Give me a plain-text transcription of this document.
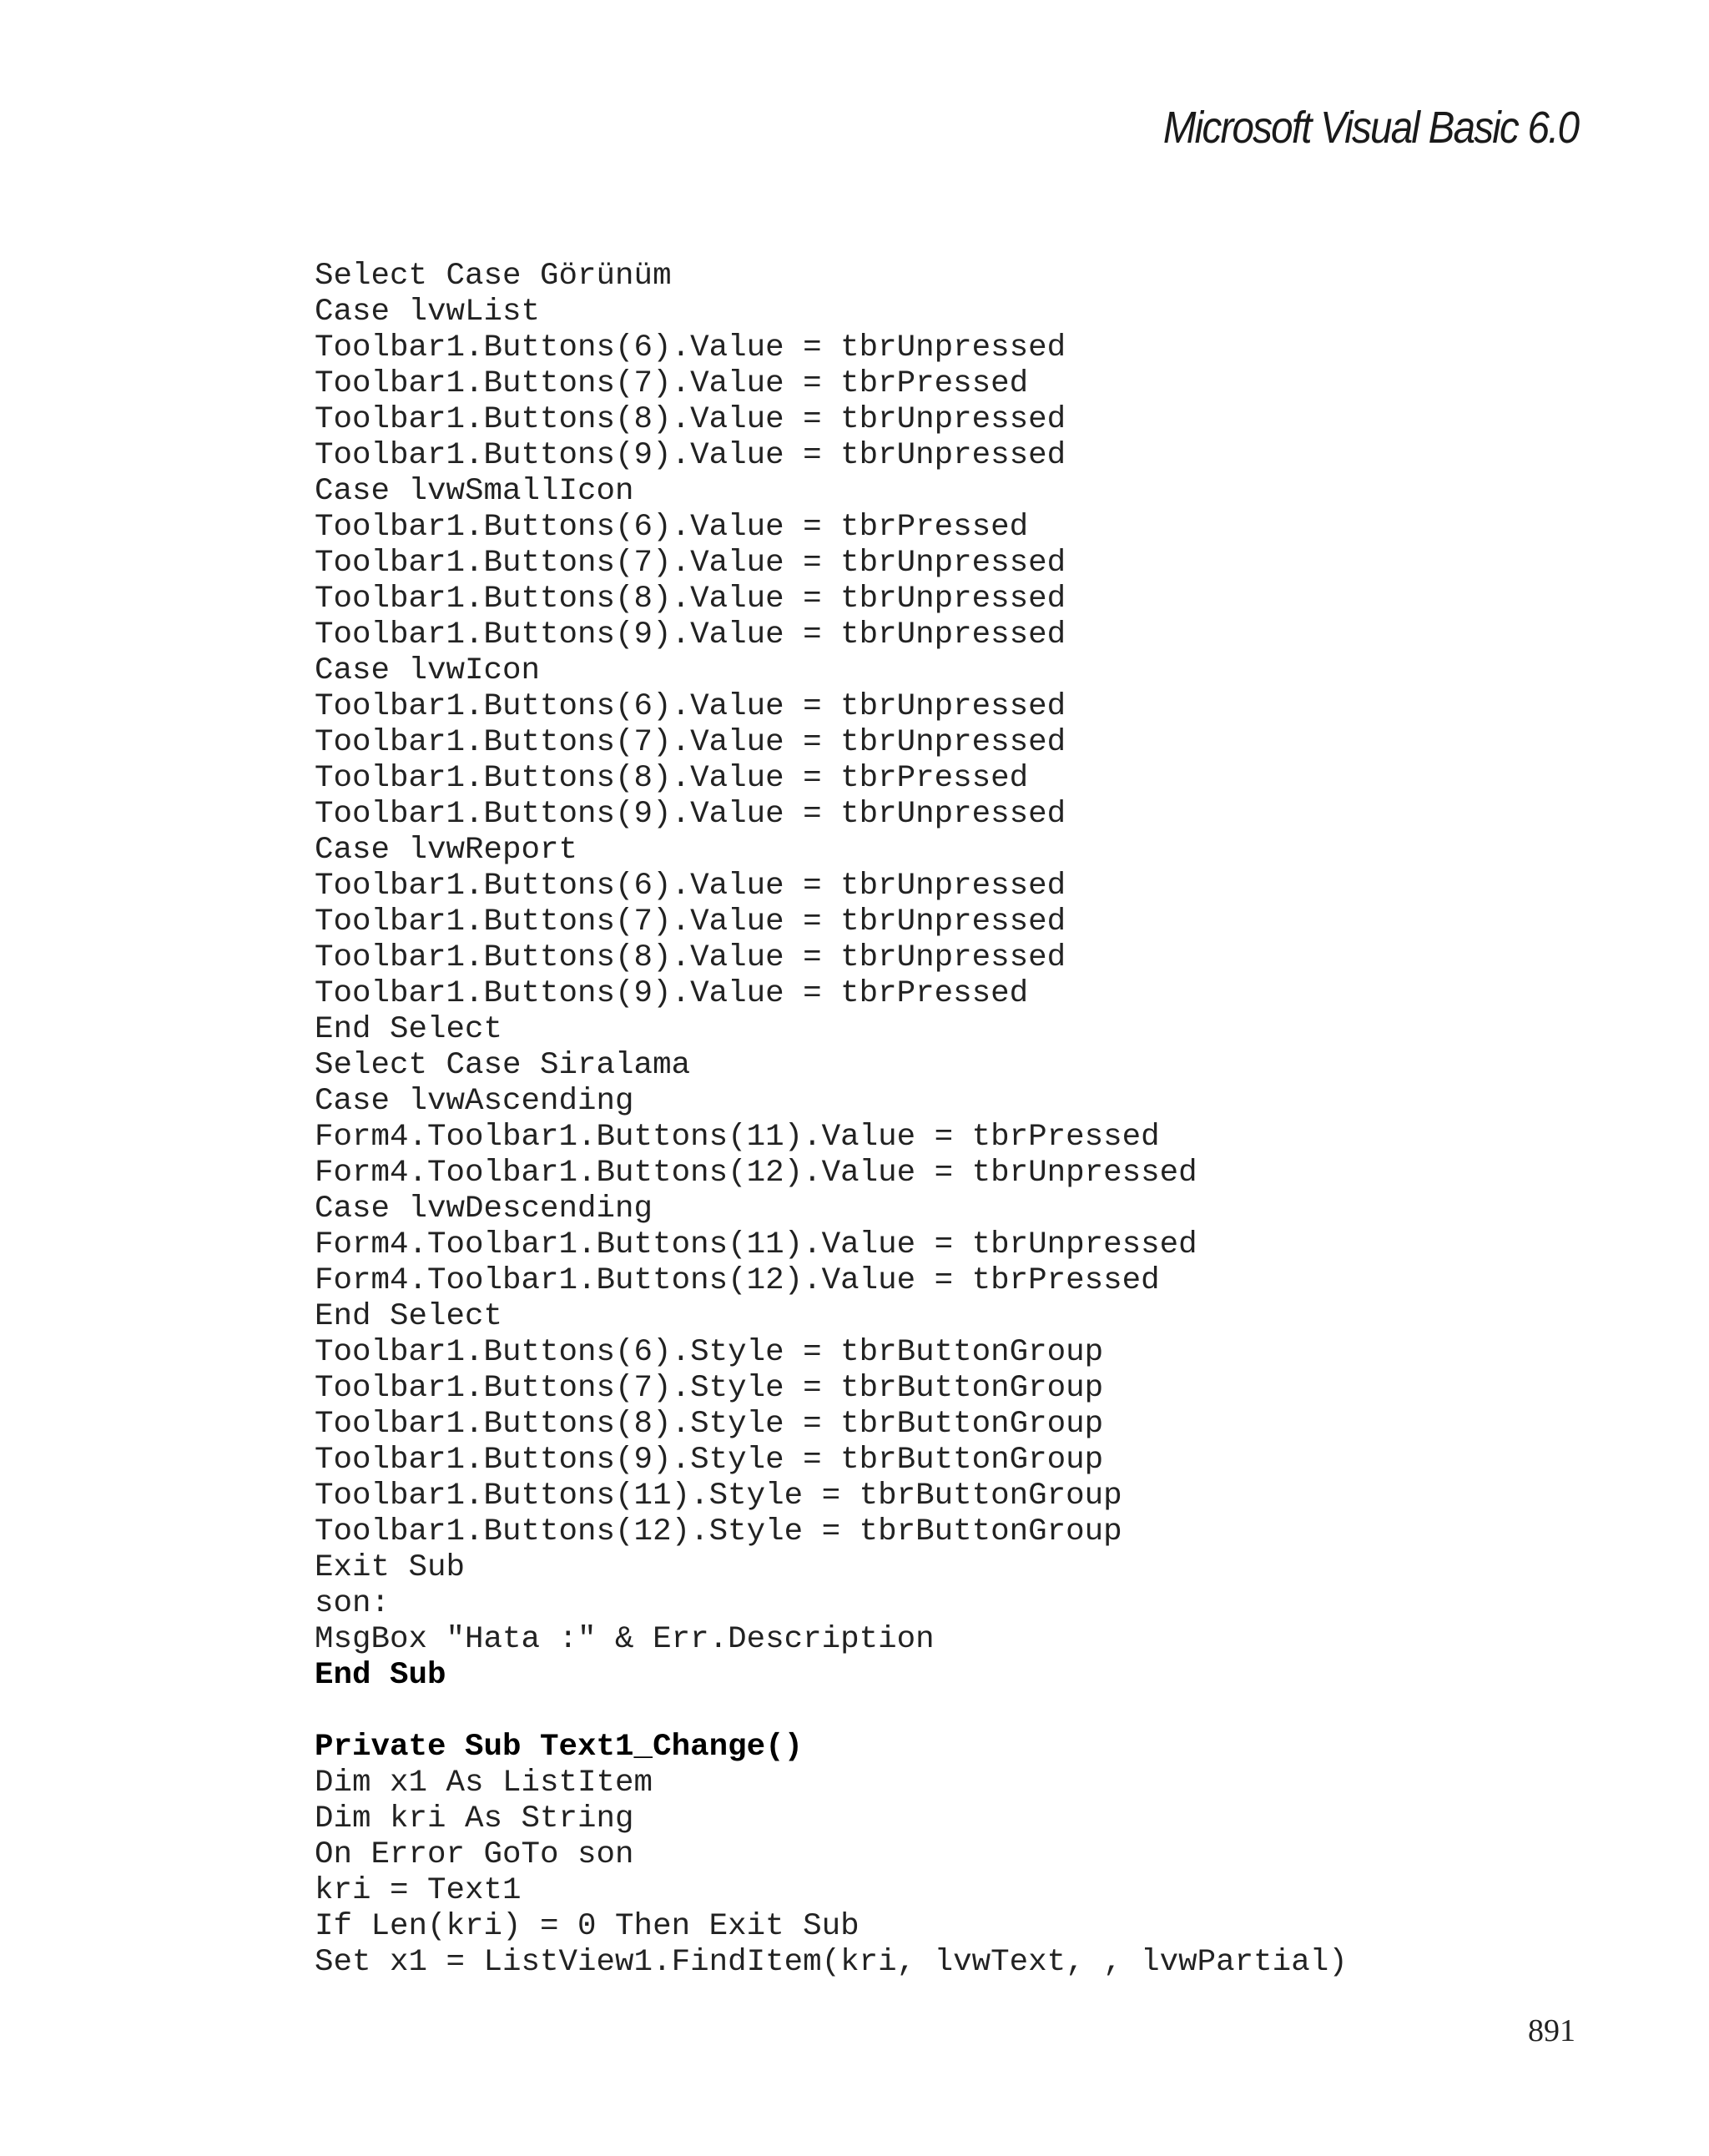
Microsoft Visual Basic 6.0
Select Case Görünüm
Case lvwList
Toolbar1.Buttons(6).Value = tbrUnpressed
Toolbar1.Buttons(7).Value = tbrPressed
Toolbar1.Buttons(8).Value = tbrUnpressed
Toolbar1.Buttons(9).Value = tbrUnpressed
Case lvwSmallIcon
Toolbar1.Buttons(6).Value = tbrPressed
Toolbar1.Buttons(7).Value = tbrUnpressed
Toolbar1.Buttons(8).Value = tbrUnpressed
Toolbar1.Buttons(9).Value = tbrUnpressed
Case lvwIcon
Toolbar1.Buttons(6).Value = tbrUnpressed
Toolbar1.Buttons(7).Value = tbrUnpressed
Toolbar1.Buttons(8).Value = tbrPressed
Toolbar1.Buttons(9).Value = tbrUnpressed
Case lvwReport
Toolbar1.Buttons(6).Value = tbrUnpressed
Toolbar1.Buttons(7).Value = tbrUnpressed
Toolbar1.Buttons(8).Value = tbrUnpressed
Toolbar1.Buttons(9).Value = tbrPressed
End Select
Select Case Siralama
Case lvwAscending
Form4.Toolbar1.Buttons(11).Value = tbrPressed
Form4.Toolbar1.Buttons(12).Value = tbrUnpressed
Case lvwDescending
Form4.Toolbar1.Buttons(11).Value = tbrUnpressed
Form4.Toolbar1.Buttons(12).Value = tbrPressed
End Select
Toolbar1.Buttons(6).Style = tbrButtonGroup
Toolbar1.Buttons(7).Style = tbrButtonGroup
Toolbar1.Buttons(8).Style = tbrButtonGroup
Toolbar1.Buttons(9).Style = tbrButtonGroup
Toolbar1.Buttons(11).Style = tbrButtonGroup
Toolbar1.Buttons(12).Style = tbrButtonGroup
Exit Sub
son:
MsgBox "Hata :" & Err.Description
End Sub
Private Sub Text1_Change()
Dim x1 As ListItem
Dim kri As String
On Error GoTo son
kri = Text1
If Len(kri) = 0 Then Exit Sub
Set x1 = ListView1.FindItem(kri, lvwText, , lvwPartial)
891
